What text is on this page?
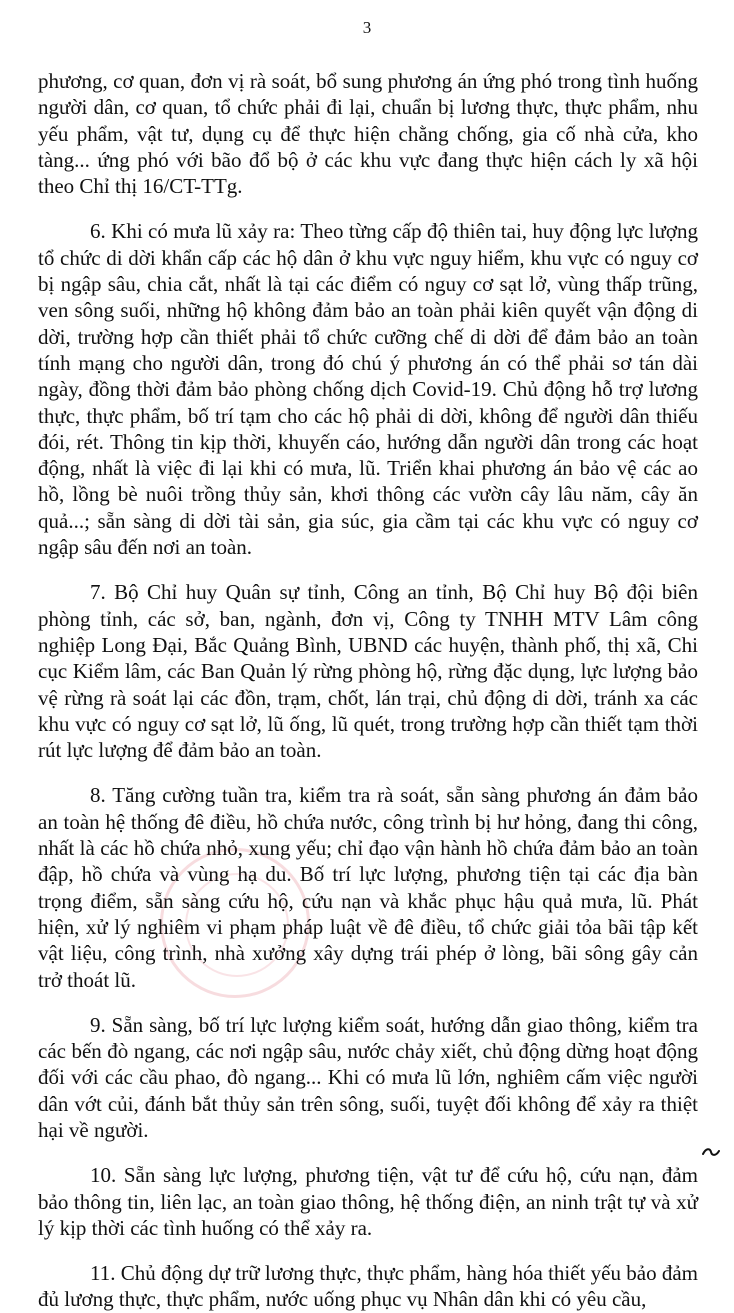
3

phương, cơ quan, đơn vị rà soát, bổ sung phương án ứng phó trong tình huống người dân, cơ quan, tổ chức phải đi lại, chuẩn bị lương thực, thực phẩm, nhu yếu phẩm, vật tư, dụng cụ để thực hiện chằng chống, gia cố nhà cửa, kho tàng... ứng phó với bão đổ bộ ở các khu vực đang thực hiện cách ly xã hội theo Chỉ thị 16/CT-TTg.

6. Khi có mưa lũ xảy ra: Theo từng cấp độ thiên tai, huy động lực lượng tổ chức di dời khẩn cấp các hộ dân ở khu vực nguy hiểm, khu vực có nguy cơ bị ngập sâu, chia cắt, nhất là tại các điểm có nguy cơ sạt lở, vùng thấp trũng, ven sông suối, những hộ không đảm bảo an toàn phải kiên quyết vận động di dời, trường hợp cần thiết phải tổ chức cưỡng chế di dời để đảm bảo an toàn tính mạng cho người dân, trong đó chú ý phương án có thể phải sơ tán dài ngày, đồng thời đảm bảo phòng chống dịch Covid-19. Chủ động hỗ trợ lương thực, thực phẩm, bố trí tạm cho các hộ phải di dời, không để người dân thiếu đói, rét. Thông tin kịp thời, khuyến cáo, hướng dẫn người dân trong các hoạt động, nhất là việc đi lại khi có mưa, lũ. Triển khai phương án bảo vệ các ao hồ, lồng bè nuôi trồng thủy sản, khơi thông các vườn cây lâu năm, cây ăn quả...; sẵn sàng di dời tài sản, gia súc, gia cầm tại các khu vực có nguy cơ ngập sâu đến nơi an toàn.

7. Bộ Chỉ huy Quân sự tỉnh, Công an tỉnh, Bộ Chỉ huy Bộ đội biên phòng tỉnh, các sở, ban, ngành, đơn vị, Công ty TNHH MTV Lâm công nghiệp Long Đại, Bắc Quảng Bình, UBND các huyện, thành phố, thị xã, Chi cục Kiểm lâm, các Ban Quản lý rừng phòng hộ, rừng đặc dụng, lực lượng bảo vệ rừng rà soát lại các đồn, trạm, chốt, lán trại, chủ động di dời, tránh xa các khu vực có nguy cơ sạt lở, lũ ống, lũ quét, trong trường hợp cần thiết tạm thời rút lực lượng để đảm bảo an toàn.

8. Tăng cường tuần tra, kiểm tra rà soát, sẵn sàng phương án đảm bảo an toàn hệ thống đê điều, hồ chứa nước, công trình bị hư hỏng, đang thi công, nhất là các hồ chứa nhỏ, xung yếu; chỉ đạo vận hành hồ chứa đảm bảo an toàn đập, hồ chứa và vùng hạ du. Bố trí lực lượng, phương tiện tại các địa bàn trọng điểm, sẵn sàng cứu hộ, cứu nạn và khắc phục hậu quả mưa, lũ. Phát hiện, xử lý nghiêm vi phạm pháp luật về đê điều, tổ chức giải tỏa bãi tập kết vật liệu, công trình, nhà xưởng xây dựng trái phép ở lòng, bãi sông gây cản trở thoát lũ.

9. Sẵn sàng, bố trí lực lượng kiểm soát, hướng dẫn giao thông, kiểm tra các bến đò ngang, các nơi ngập sâu, nước chảy xiết, chủ động dừng hoạt động đối với các cầu phao, đò ngang... Khi có mưa lũ lớn, nghiêm cấm việc người dân vớt củi, đánh bắt thủy sản trên sông, suối, tuyệt đối không để xảy ra thiệt hại về người.

10. Sẵn sàng lực lượng, phương tiện, vật tư để cứu hộ, cứu nạn, đảm bảo thông tin, liên lạc, an toàn giao thông, hệ thống điện, an ninh trật tự và xử lý kịp thời các tình huống có thể xảy ra.

11. Chủ động dự trữ lương thực, thực phẩm, hàng hóa thiết yếu bảo đảm đủ lương thực, thực phẩm, nước uống phục vụ Nhân dân khi có yêu cầu,
